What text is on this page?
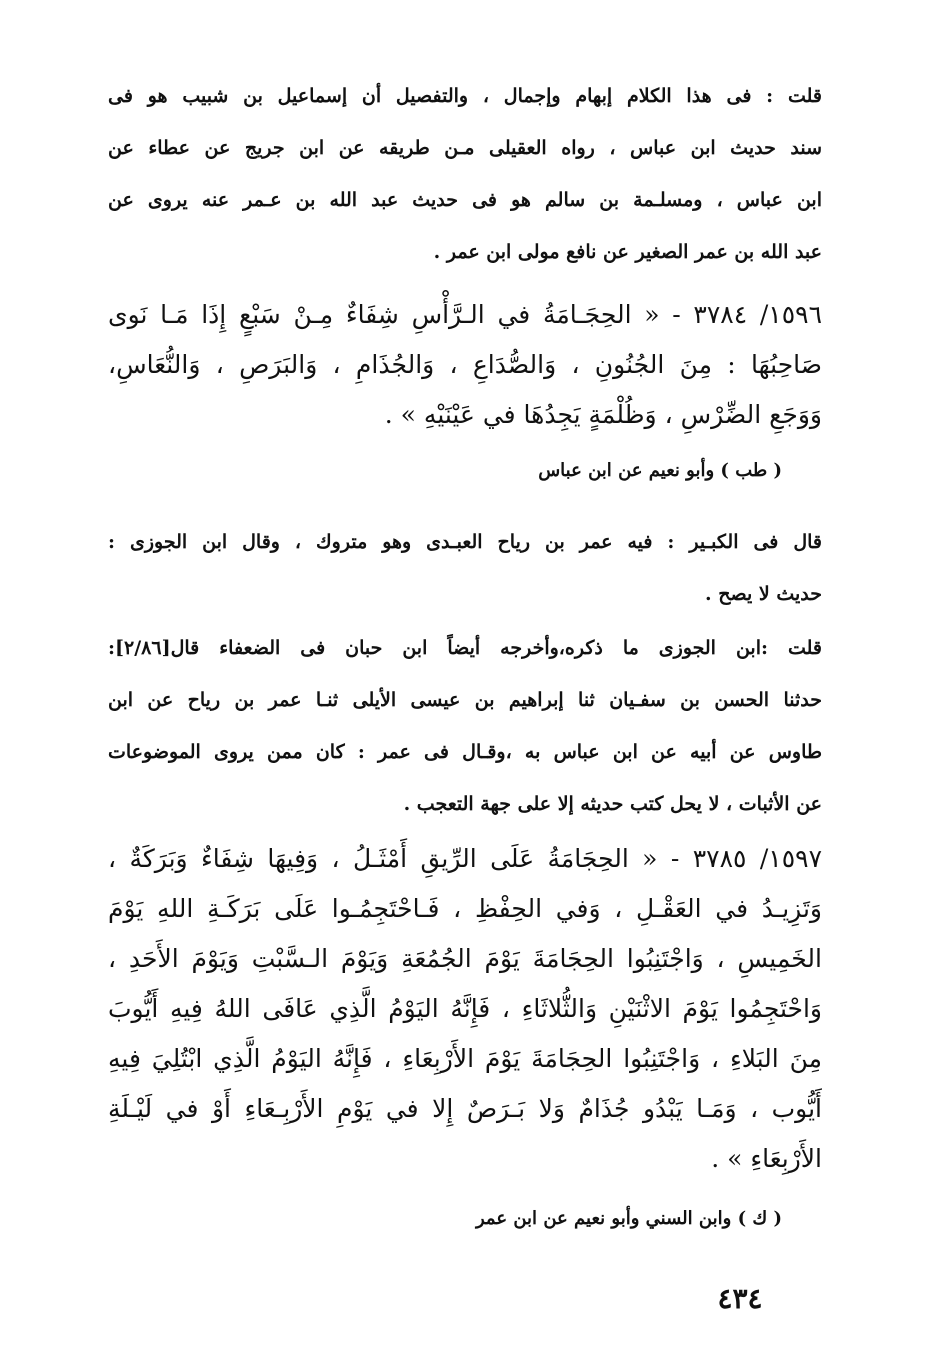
قلت : فى هذا الكلام إبهام وإجمال ، والتفصيل أن إسماعيل بن شبيب هو فى
سند حديث ابن عباس ، رواه العقيلى مـن طريقه عن ابن جريج عن عطاء عن
ابن عباس ، ومسلـمة بن سالم هو فى حديث عبد الله بن عـمر عنه يروى عن
عبد الله بن عمر الصغير عن نافع مولى ابن عمر .
١٥٩٦/ ٣٧٨٤ - « الحِجَـامَةُ في الـرَّأْسِ شِفَاءٌ مِـنْ سَبْعٍ إِذَا مَـا نَوى
صَاحِبُهَا : مِنَ الجُنُونِ ، وَالصُّدَاعِ ، وَالجُذَامِ ، وَالبَرَصِ ، وَالنُّعَاسِ،
وَوَجَعِ الضِّرْسِ ، وَظُلْمَةٍ يَجِدُهَا في عَيْنَيْهِ » .
( طب ) وأبو نعيم عن ابن عباس
قال فى الكبـير : فيه عمر بن رياح العبـدى وهو متروك ، وقال ابن الجوزى :
حديث لا يصح .
قلت :ابن الجوزى ما ذكره،وأخرجه أيضاً ابن حبان فى الضعفاء قال[٢/٨٦]:
حدثنا الحسن بن سفـيان ثنا إبراهيم بن عيسى الأيلى ثنـا عمر بن رياح عن ابن
طاوس عن أبيه عن ابن عباس به ،وقـال فى عمر : كان ممن يروى الموضوعات
عن الأثبات ، لا يحل كتب حديثه إلا على جهة التعجب .
١٥٩٧/ ٣٧٨٥ - « الحِجَامَةُ عَلَى الرِّيقِ أَمْثَـلُ ، وَفِيهَا شِفَاءٌ وَبَرَكَةٌ ،
وَتَزِيـدُ في العَقْـلِ ، وَفي الحِفْظِ ، فَـاحْتَجِمُـوا عَلَى بَرَكَـةِ اللهِ يَوْمَ
الخَمِيسِ ، وَاجْتَنِبُوا الحِجَامَةَ يَوْمَ الجُمُعَةِ وَيَوْمَ الـسَّبْتِ وَيَوْمَ الأَحَدِ ،
وَاحْتَجِمُوا يَوْمَ الاثْنَيْنِ وَالثُّلاثَاءِ ، فَإِنَّهُ اليَوْمُ الَّذِي عَافَى اللهُ فِيهِ أَيُّوبَ
مِنَ البَلاءِ ، وَاجْتَنِبُوا الحِجَامَةَ يَوْمَ الأَرْبِعَاءِ ، فَإِنَّهُ اليَوْمُ الَّذِي ابْتُلِيَ فِيهِ
أَيُّوب ، وَمَـا يَبْدُو جُذَامٌ وَلا بَـرَصٌ إِلا في يَوْمِ الأَرْبِـعَاءِ أَوْ في لَيْـلَةِ
الأَرْبِعَاءِ » .
( ك ) وابن السني وأبو نعيم عن ابن عمر
٤٣٤
